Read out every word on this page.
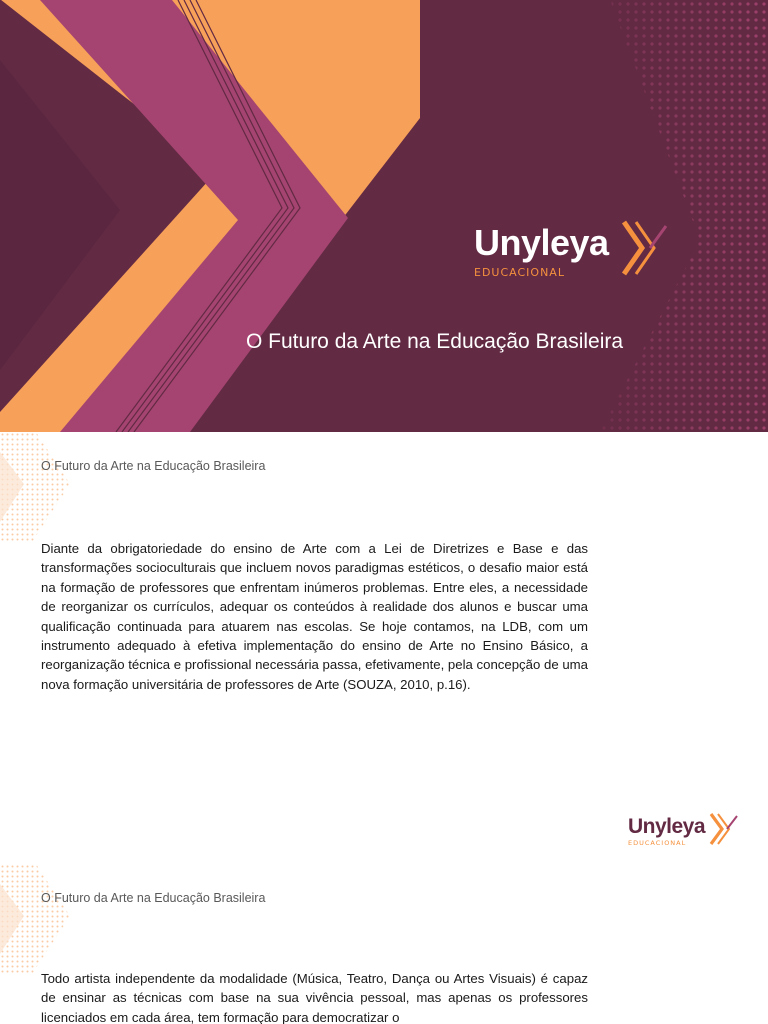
Unyleya
EDUCACIONAL
O Futuro da Arte na Educação Brasileira
O Futuro da Arte na Educação Brasileira

Diante da obrigatoriedade do ensino de Arte com a Lei de Diretrizes e Base e das transformações socioculturais que incluem novos paradigmas estéticos, o desafio maior está na formação de professores que enfrentam inúmeros problemas. Entre eles, a necessidade de reorganizar os currículos, adequar os conteúdos à realidade dos alunos e buscar uma qualificação continuada para atuarem nas escolas. Se hoje contamos, na LDB, com um instrumento adequado à efetiva implementação do ensino de Arte no Ensino Básico, a reorganização técnica e profissional necessária passa, efetivamente, pela concepção de uma nova formação universitária de professores de Arte (SOUZA, 2010, p.16).

Unyleya
EDUCACIONAL
O Futuro da Arte na Educação Brasileira

Todo artista independente da modalidade (Música, Teatro, Dança ou Artes Visuais) é capaz de ensinar as técnicas com base na sua vivência pessoal, mas apenas os professores licenciados em cada área, tem formação para democratizar o
